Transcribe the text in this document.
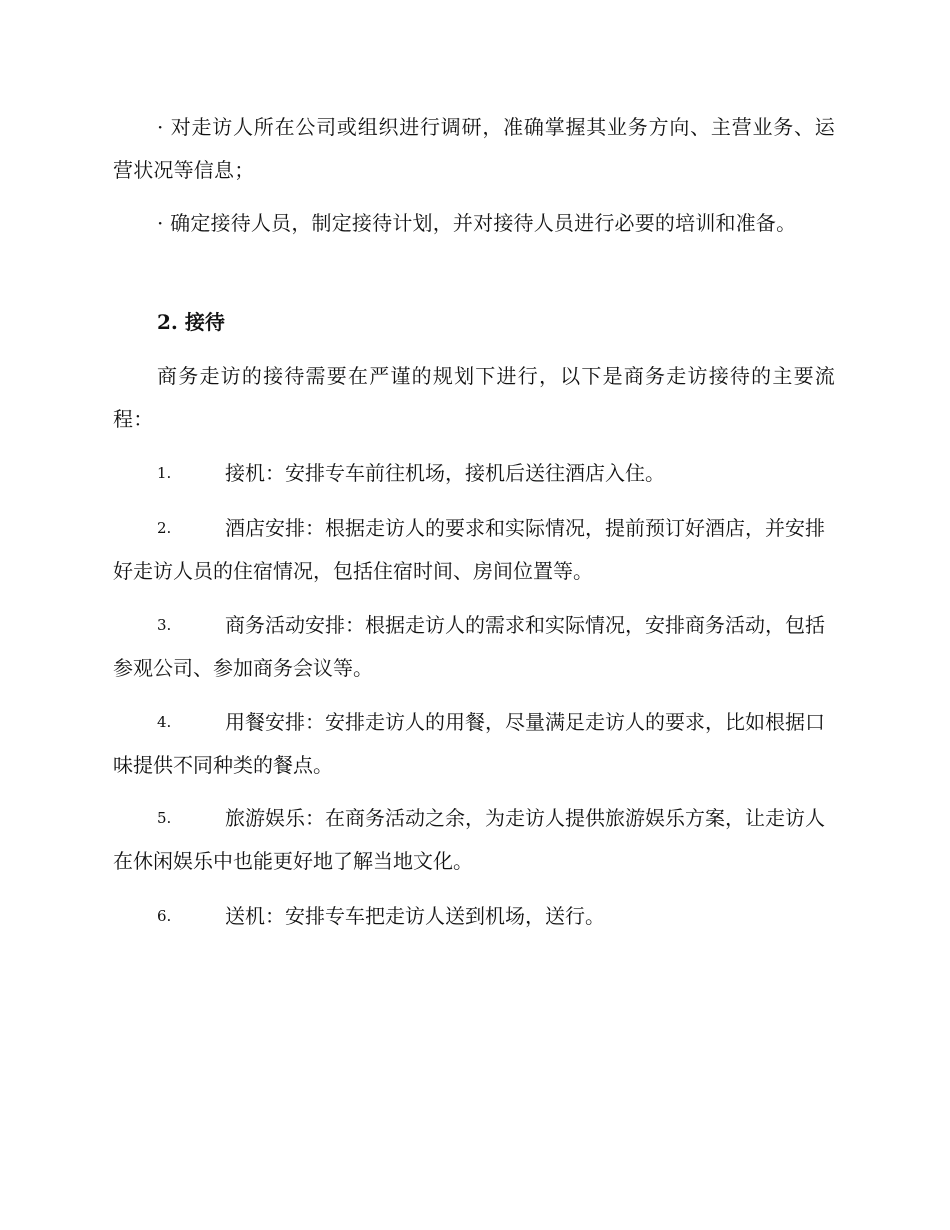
· 对走访人所在公司或组织进行调研，准确掌握其业务方向、主营业务、运营状况等信息；

· 确定接待人员，制定接待计划，并对接待人员进行必要的培训和准备。

2. 接待

商务走访的接待需要在严谨的规划下进行，以下是商务走访接待的主要流程：

1.	接机：安排专车前往机场，接机后送往酒店入住。
2.	酒店安排：根据走访人的要求和实际情况，提前预订好酒店，并安排好走访人员的住宿情况，包括住宿时间、房间位置等。
3.	商务活动安排：根据走访人的需求和实际情况，安排商务活动，包括参观公司、参加商务会议等。
4.	用餐安排：安排走访人的用餐，尽量满足走访人的要求，比如根据口味提供不同种类的餐点。
5.	旅游娱乐：在商务活动之余，为走访人提供旅游娱乐方案，让走访人在休闲娱乐中也能更好地了解当地文化。
6.	送机：安排专车把走访人送到机场，送行。
